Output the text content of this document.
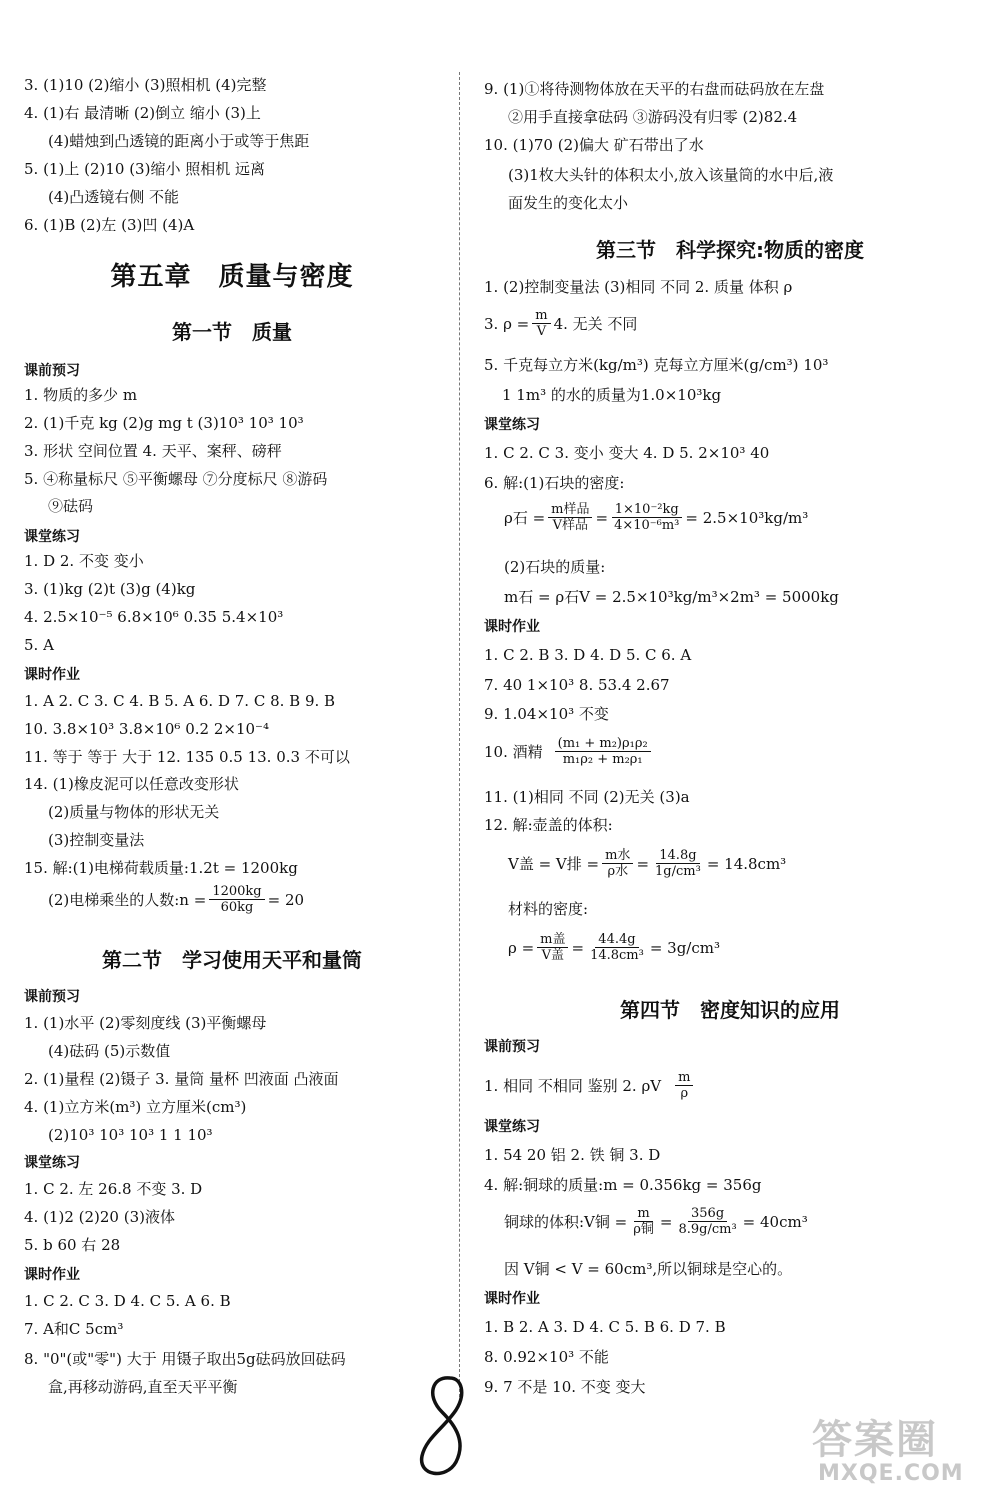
3. (1)10 (2)缩小 (3)照相机 (4)完整
4. (1)右 最清晰 (2)倒立 缩小 (3)上
(4)蜡烛到凸透镜的距离小于或等于焦距
5. (1)上 (2)10 (3)缩小 照相机 远离
(4)凸透镜右侧 不能
6. (1)B (2)左 (3)凹 (4)A
第五章　质量与密度
第一节　质量
课前预习
1. 物质的多少 m
2. (1)千克 kg (2)g mg t (3)10³ 10³ 10³
3. 形状 空间位置 4. 天平、案秤、磅秤
5. ④称量标尺 ⑤平衡螺母 ⑦分度标尺 ⑧游码
⑨砝码
课堂练习
1. D 2. 不变 变小
3. (1)kg (2)t (3)g (4)kg
4. 2.5×10⁻⁵ 6.8×10⁶ 0.35 5.4×10³
5. A
课时作业
1. A 2. C 3. C 4. B 5. A 6. D 7. C 8. B 9. B
10. 3.8×10³ 3.8×10⁶ 0.2 2×10⁻⁴
11. 等于 等于 大于 12. 135 0.5 13. 0.3 不可以
14. (1)橡皮泥可以任意改变形状
(2)质量与物体的形状无关
(3)控制变量法
15. 解:(1)电梯荷载质量:1.2t = 1200kg
(2)电梯乘坐的人数:n = $\frac{1200kg}{60kg} = 20$
第二节　学习使用天平和量筒
课前预习
1. (1)水平 (2)零刻度线 (3)平衡螺母
(4)砝码 (5)示数值
2. (1)量程 (2)镊子 3. 量筒 量杯 凹液面 凸液面
4. (1)立方米(m³) 立方厘米(cm³)
(2)10³ 10³ 10³ 1 1 10³
课堂练习
1. C 2. 左 26.8 不变 3. D
4. (1)2 (2)20 (3)液体
5. b 60 右 28
课时作业
1. C 2. C 3. D 4. C 5. A 6. B
7. A和C 5cm³
8. "0"(或"零") 大于 用镊子取出5g砝码放回砝码
盒,再移动游码,直至天平平衡
9. (1)①将待测物体放在天平的右盘而砝码放在左盘
②用手直接拿砝码 ③游码没有归零 (2)82.4
10. (1)70 (2)偏大 矿石带出了水
(3)1枚大头针的体积太小,放入该量筒的水中后,液
面发生的变化太小
第三节　科学探究:物质的密度
1. (2)控制变量法 (3)相同 不同 2. 质量 体积 ρ
3. $\rho = \frac{m}{V} 4$. 无关 不同
5. 千克每立方米(kg/m³) 克每立方厘米(g/cm³) 10³
1 1m³ 的水的质量为1.0×10³kg
课堂练习
1. C 2. C 3. 变小 变大 4. D 5. 2×10³ 40
6. 解:(1)石块的密度:
ρ石 = $\frac{\text{m样品}}{\text{V样品}} = \frac{\text{1×10⁻²kg}}{\text{4×10⁻⁶m³}} = 2.5\times 10^3kg/m^3$
(2)石块的质量:
m石 = ρ石V = 2.5×10³kg/m³×2m³ = 5000kg
课时作业
1. C 2. B 3. D 4. D 5. C 6. A
7. 40 1×10³ 8. 53.4 2.67
9. 1.04×10³ 不变
10. 酒精 $\frac{\text{(m₁ + m₂)ρ₁ρ₂}}{\text{m₁ρ₂ + m₂ρ₁}}$
11. (1)相同 不同 (2)无关 (3)a
12. 解:壶盖的体积:
V盖 = V排 = $\frac{\text{m水}}{\text{ρ水}} = \frac{14.8g}{\text{1g/cm³}} = 14.8cm^3$
材料的密度:
$\rho = \frac{\text{m盖}}{\text{V盖}} = \frac{44.4g}{\text{14.8cm³}} = 3g/cm^3$
第四节　密度知识的应用
课前预习
1. 相同 不相同 鉴别 2. ρV $\frac{m}{\rho}$
课堂练习
1. 54 20 铝 2. 铁 铜 3. D
4. 解:铜球的质量:m = 0.356kg = 356g
铜球的体积:V铜 = $\frac{m}{\text{ρ铜}} = \frac{356g}{\text{8.9g/cm³}} = 40cm^3$
因 V铜 < V = 60cm³,所以铜球是空心的。
课时作业
1. B 2. A 3. D 4. C 5. B 6. D 7. B
8. 0.92×10³ 不能
9. 7 不是 10. 不变 变大
答案圈
MXQE.COM
